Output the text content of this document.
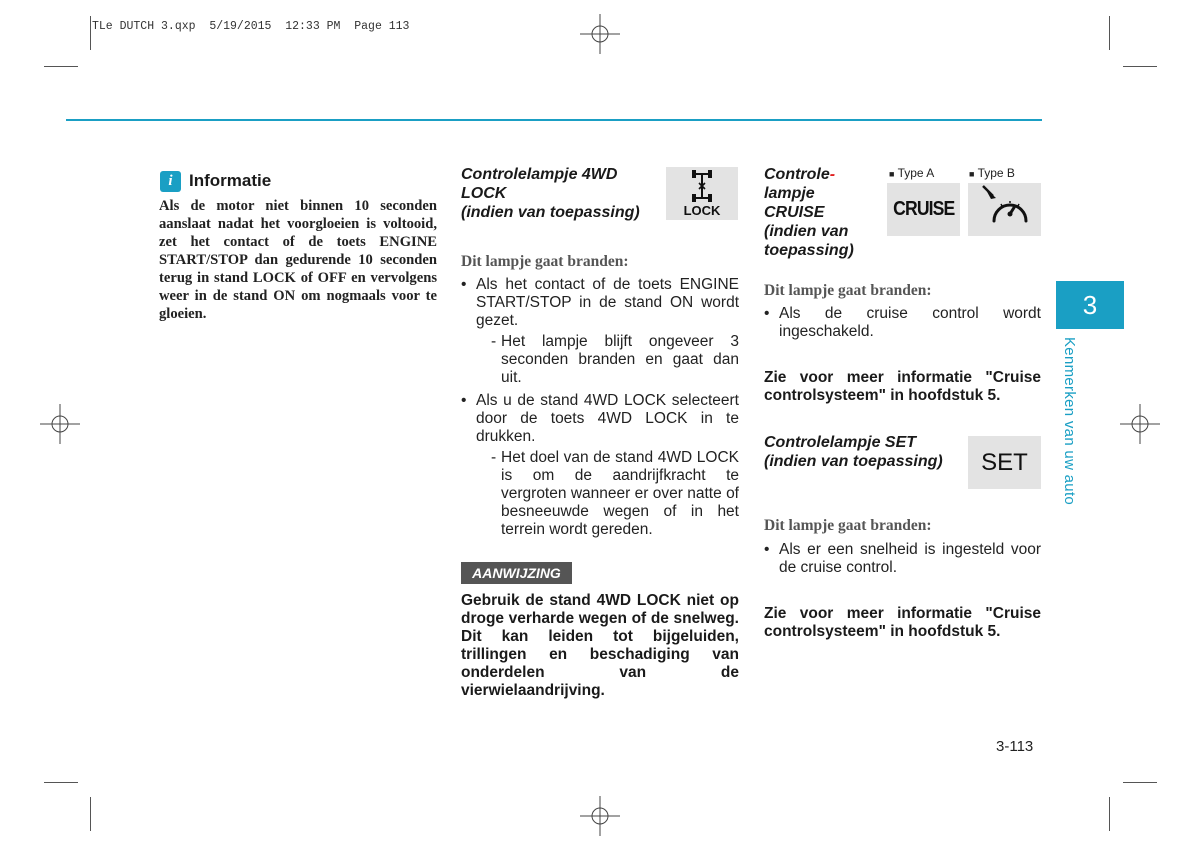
TLe DUTCH 3.qxp  5/19/2015  12:33 PM  Page 113
i Informatie
Als de motor niet binnen 10 seconden aanslaat nadat het voorgloeien is voltooid, zet het contact of de toets ENGINE START/STOP dan gedurende 10 seconden terug in stand LOCK of OFF en vervolgens weer in de stand ON om nogmaals voor te gloeien.
Controlelampje 4WD
LOCK
(indien van toepassing)	LOCK
Dit lampje gaat branden:
• Als het contact of de toets ENGINE START/STOP in de stand ON wordt gezet.
- Het lampje blijft ongeveer 3 seconden branden en gaat dan uit.
• Als u de stand 4WD LOCK selecteert door de toets 4WD LOCK in te drukken.
- Het doel van de stand 4WD LOCK is om de aandrijfkracht te vergroten wanneer er over natte of besneeuwde wegen of in het terrein wordt gereden.
AANWIJZING
Gebruik de stand 4WD LOCK niet op droge verharde wegen of de snelweg. Dit kan leiden tot bijgeluiden, trillingen en beschadiging van onderdelen van de vierwielaandrijving.
Controle-
lampje
CRUISE
(indien van
toepassing)
■ Type A	■ Type B
CRUISE
Dit lampje gaat branden:
• Als de cruise control wordt ingeschakeld.
Zie voor meer informatie "Cruise controlsysteem" in hoofdstuk 5.
Controlelampje SET
(indien van toepassing)	SET
Dit lampje gaat branden:
• Als er een snelheid is ingesteld voor de cruise control.
Zie voor meer informatie "Cruise controlsysteem" in hoofdstuk 5.
3
Kenmerken van uw auto
3-113
